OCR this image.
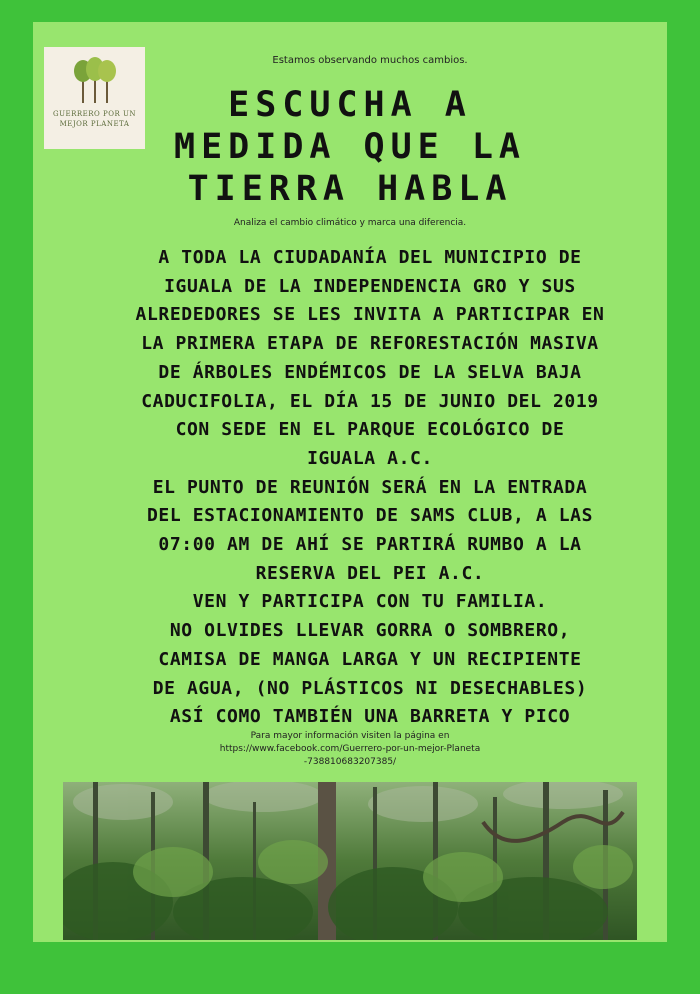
GUERRERO POR UN
MEJOR PLANETA
Estamos observando muchos cambios.
ESCUCHA A
MEDIDA QUE LA
TIERRA HABLA
Analiza el cambio climático y marca una diferencia.
A TODA LA CIUDADANÍA DEL MUNICIPIO DE
IGUALA DE LA INDEPENDENCIA GRO Y SUS
ALREDEDORES SE LES INVITA A PARTICIPAR EN
LA PRIMERA ETAPA DE REFORESTACIÓN MASIVA
DE ÁRBOLES ENDÉMICOS DE LA SELVA BAJA
CADUCIFOLIA, EL DÍA 15 DE JUNIO DEL 2019
CON SEDE EN EL PARQUE ECOLÓGICO DE
IGUALA A.C.
EL PUNTO DE REUNIÓN SERÁ EN LA ENTRADA
DEL ESTACIONAMIENTO DE SAMS CLUB, A LAS
07:00 AM DE AHÍ SE PARTIRÁ RUMBO A LA
RESERVA DEL PEI A.C.
VEN Y PARTICIPA CON TU FAMILIA.
NO OLVIDES LLEVAR GORRA O SOMBRERO,
CAMISA DE MANGA LARGA Y UN RECIPIENTE
DE AGUA, (NO PLÁSTICOS NI DESECHABLES)
ASÍ COMO TAMBIÉN UNA BARRETA Y PICO
Para mayor información visiten la página en
https://www.facebook.com/Guerrero-por-un-mejor-Planeta
-738810683207385/
